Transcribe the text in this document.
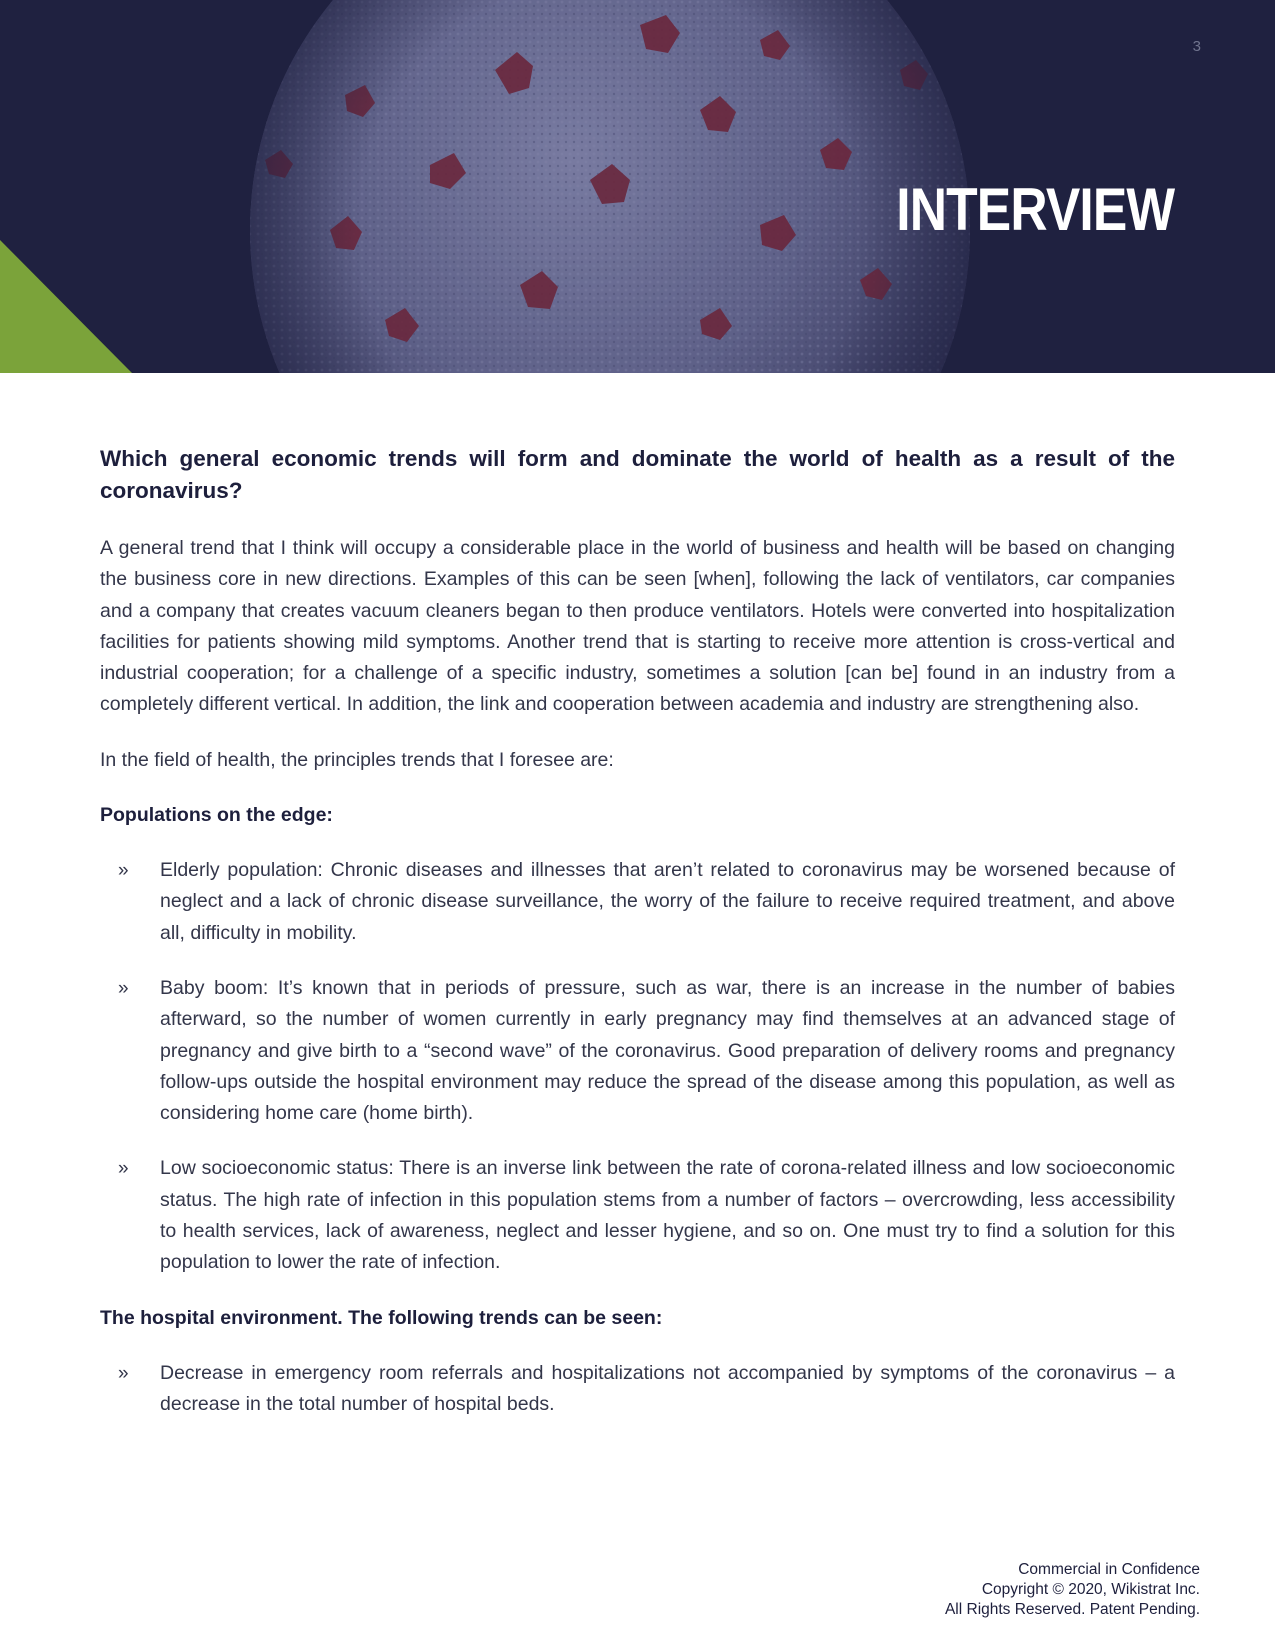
3
INTERVIEW

Which general economic trends will form and dominate the world of health as a result of the coronavirus?

A general trend that I think will occupy a considerable place in the world of business and health will be based on changing the business core in new directions. Examples of this can be seen [when], following the lack of ventilators, car companies and a company that creates vacuum cleaners began to then produce ventilators. Hotels were converted into hospitalization facilities for patients showing mild symptoms. Another trend that is starting to receive more attention is cross-vertical and industrial cooperation; for a challenge of a specific industry, sometimes a solution [can be] found in an industry from a completely different vertical. In addition, the link and cooperation between academia and industry are strengthening also.

In the field of health, the principles trends that I foresee are:

Populations on the edge:

» Elderly population: Chronic diseases and illnesses that aren’t related to coronavirus may be worsened because of neglect and a lack of chronic disease surveillance, the worry of the failure to receive required treatment, and above all, difficulty in mobility.
» Baby boom: It’s known that in periods of pressure, such as war, there is an increase in the number of babies afterward, so the number of women currently in early pregnancy may find themselves at an advanced stage of pregnancy and give birth to a “second wave” of the coronavirus. Good preparation of delivery rooms and pregnancy follow-ups outside the hospital environment may reduce the spread of the disease among this population, as well as considering home care (home birth).
» Low socioeconomic status: There is an inverse link between the rate of corona-related illness and low socioeconomic status. The high rate of infection in this population stems from a number of factors – overcrowding, less accessibility to health services, lack of awareness, neglect and lesser hygiene, and so on. One must try to find a solution for this population to lower the rate of infection.

The hospital environment. The following trends can be seen:

» Decrease in emergency room referrals and hospitalizations not accompanied by symptoms of the coronavirus – a decrease in the total number of hospital beds.
Commercial in Confidence
Copyright © 2020, Wikistrat Inc.
All Rights Reserved. Patent Pending.
